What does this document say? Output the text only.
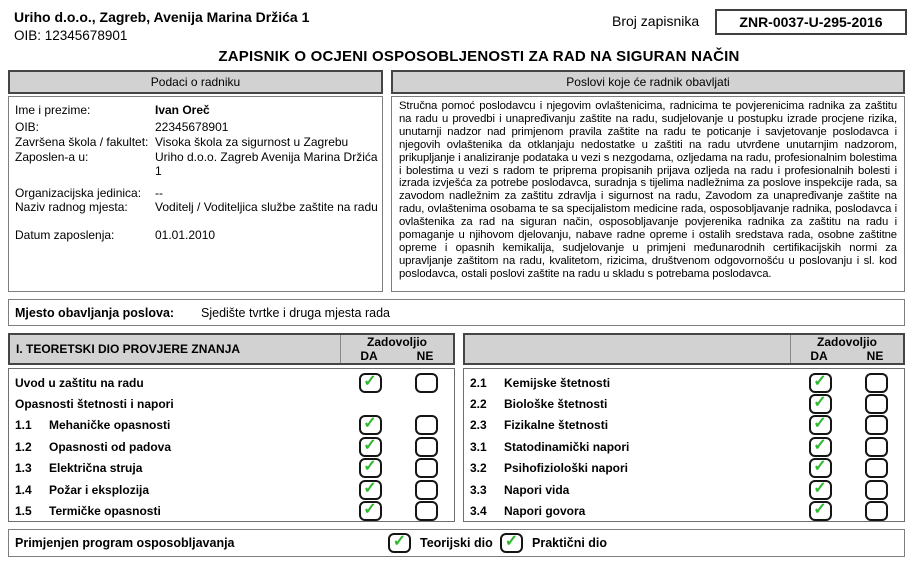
Uriho d.o.o., Zagreb, Avenija Marina Držića 1
OIB: 12345678901
Broj zapisnika	ZNR-0037-U-295-2016
ZAPISNIK O OCJENI OSPOSOBLJENOSTI ZA RAD NA SIGURAN NAČIN
Podaci o radniku	Poslovi koje će radnik obavljati
Ime i prezime:	Ivan Oreč
OIB:	22345678901
Završena škola / fakultet: Visoka škola za sigurnost u Zagrebu
Zaposlen-a u:	Uriho d.o.o. Zagreb Avenija Marina Držića 1
Organizacijska jedinica:	--
Naziv radnog mjesta:	Voditelj / Voditeljica službe zaštite na radu
Datum zaposlenja:	01.01.2010
Stručna pomoć poslodavcu i njegovim ovlaštenicima, radnicima te povjerenicima radnika za zaštitu na radu u provedbi i unapređivanju zaštite na radu, sudjelovanje u postupku izrade procjene rizika, unutarnji nadzor nad primjenom pravila zaštite na radu te poticanje i savjetovanje poslodavca i njegovih ovlaštenika da otklanjaju nedostatke u zaštiti na radu utvrđene unutarnjim nadzorom, prikupljanje i analiziranje podataka u vezi s nezgodama, ozljedama na radu, profesionalnim bolestima i bolestima u vezi s radom te priprema propisanih prijava ozljeda na radu i profesionalnih bolesti i izrada izvješća za potrebe poslodavca, suradnja s tijelima nadležnima za poslove inspekcije rada, sa zavodom nadležnim za zaštitu zdravlja i sigurnost na radu, Zavodom za unapređivanje zaštite na radu, ovlaštenima osobama te sa specijalistom medicine rada, osposobljavanje radnika, poslodavca i ovlaštenika za rad na siguran način, osposobljavanje povjerenika radnika za zaštitu na radu i pomaganje u njihovom djelovanju, nabave radne opreme i ostalih sredstava rada, osobne zaštitne opreme i opasnih kemikalija, sudjelovanje u primjeni međunarodnih certifikacijskih normi za upravljanje zaštitom na radu, kvalitetom, rizicima, društvenom odgovornošću u poslovanju i sl. kod poslodavca, ostali poslovi zaštite na radu u skladu s potrebama poslodavca.
Mjesto obavljanja poslova:	Sjedište tvrtke i druga mjesta rada
I. TEORETSKI DIO PROVJERE ZNANJA
Zadovoljio
DA	NE
Uvod u zaštitu na radu
✓
Opasnosti štetnosti i napori
1.1	Mehaničke opasnosti
✓
1.2	Opasnosti od padova
✓
1.3	Električna struja
✓
1.4	Požar i eksplozija
✓
1.5	Termičke opasnosti
✓
Zadovoljio
DA	NE
2.1	Kemijske štetnosti
✓
2.2	Biološke štetnosti
✓
2.3	Fizikalne štetnosti
✓
3.1	Statodinamički napori
✓
3.2	Psihofiziološki napori
✓
3.3	Napori vida
✓
3.4	Napori govora
✓
Primjenjen program osposobljavanja ✓	Teorijski dio ✓	Praktični dio
